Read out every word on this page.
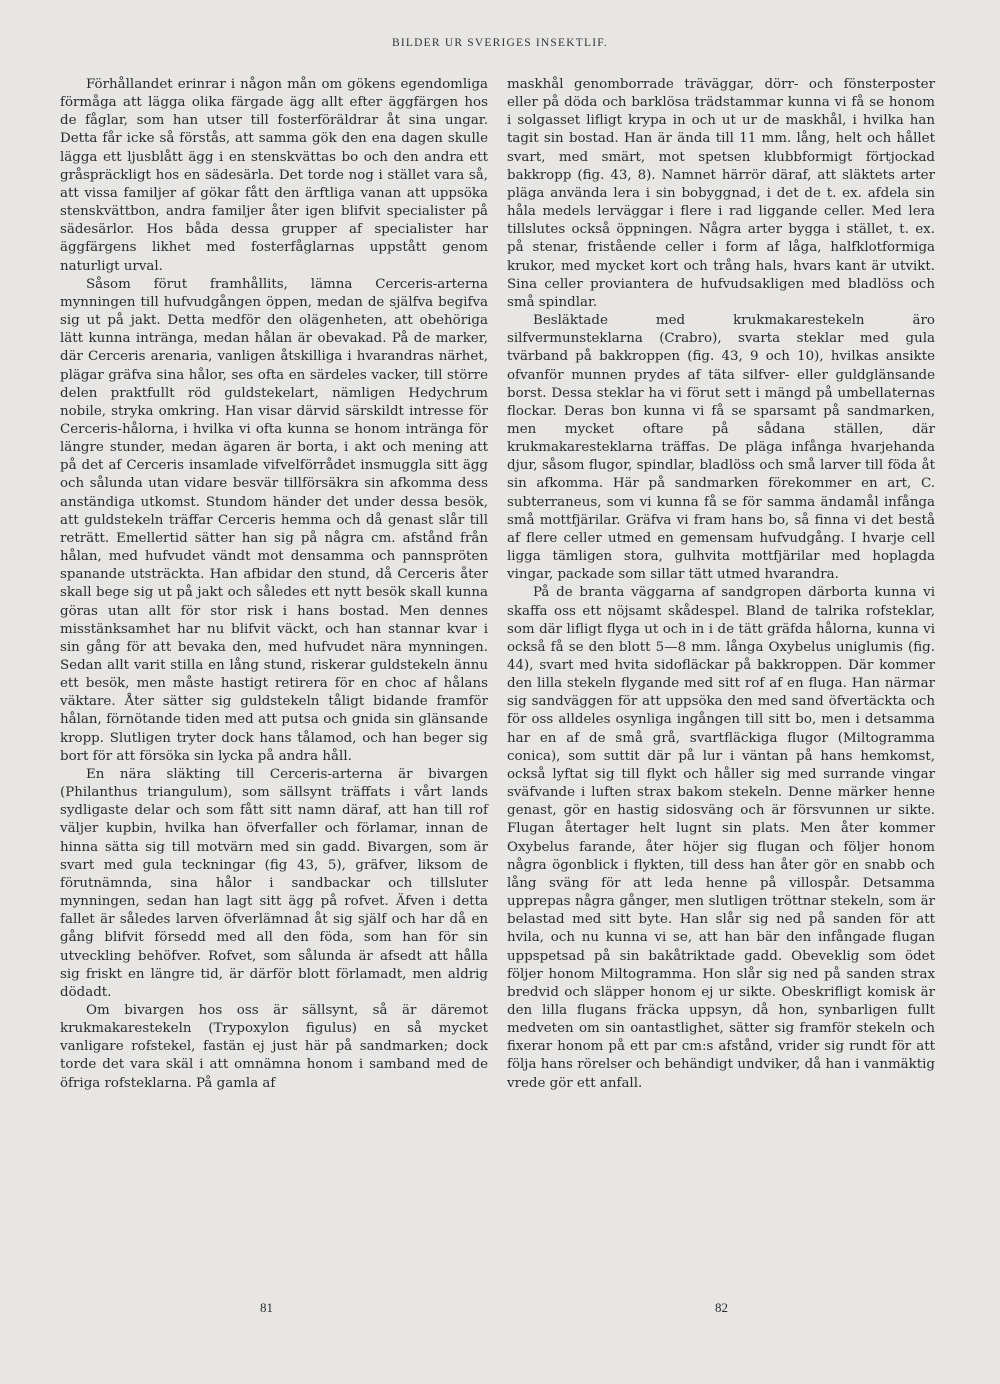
BILDER UR SVERIGES INSEKTLIF.

Förhållandet erinrar i någon mån om gökens egendomliga förmåga att lägga olika färgade ägg allt efter äggfärgen hos de fåglar, som han utser till fosterföräldrar åt sina ungar. Detta får icke så förstås, att samma gök den ena dagen skulle lägga ett ljusblått ägg i en stenskvättas bo och den andra ett gråspräckligt hos en sädesärla. Det torde nog i stället vara så, att vissa familjer af gökar fått den ärftliga vanan att uppsöka stenskvättbon, andra familjer åter igen blifvit specialister på sädesärlor. Hos båda dessa grupper af specialister har äggfärgens likhet med fosterfåglarnas uppstått genom naturligt urval.

Såsom förut framhållits, lämna Cerceris-arterna mynningen till hufvudgången öppen, medan de själfva begifva sig ut på jakt. Detta medför den olägenheten, att obehöriga lätt kunna inträngа, medan hålan är obevakad. På de marker, där Cerceris arenaria, vanligen åtskilliga i hvarandras närhet, plägar gräfva sina hålor, ses ofta en särdeles vacker, till större delen praktfullt röd guldstekelart, nämligen Hedychrum nobile, stryka omkring. Han visar därvid särskildt intresse för Cerceris-hålorna, i hvilka vi ofta kunna se honom inträngа för längre stunder, medan ägaren är borta, i akt och mening att på det af Cerceris insamlade vifvelförrådet insmuggla sitt ägg och sålunda utan vidare besvär tillförsäkra sin afkomma dess anständiga utkomst. Stundom händer det under dessa besök, att guldstekeln träffar Cerceris hemma och då genast slår till reträtt. Emellertid sätter han sig på några cm. afstånd från hålan, med hufvudet vändt mot densamma och pannspröten spanande utsträckta. Han afbidar den stund, då Cerceris åter skall bege sig ut på jakt och således ett nytt besök skall kunna göras utan allt för stor risk i hans bostad. Men dennes misstänksamhet har nu blifvit väckt, och han stannar kvar i sin gång för att bevaka den, med hufvudet nära mynningen. Sedan allt varit stilla en lång stund, riskerar guldstekeln ännu ett besök, men måste hastigt retirera för en choc af hålans väktare. Åter sätter sig guldstekeln tåligt bidande framför hålan, förnötande tiden med att putsa och gnida sin glänsande kropp. Slutligen tryter dock hans tålamod, och han beger sig bort för att försöka sin lycka på andra håll.

En nära släkting till Cerceris-arterna är bivargen (Philanthus triangulum), som sällsynt träffats i vårt lands sydligaste delar och som fått sitt namn däraf, att han till rof väljer kupbin, hvilka han öfverfaller och förlamar, innan de hinna sätta sig till motvärn med sin gadd. Bivargen, som är svart med gula teckningar (fig 43, 5), gräfver, liksom de förutnämnda, sina hålor i sandbackar och tillsluter mynningen, sedan han lagt sitt ägg på rofvet. Äfven i detta fallet är således larven öfverlämnad åt sig själf och har då en gång blifvit försedd med all den föda, som han för sin utveckling behöfver. Rofvet, som sålunda är afsedt att hålla sig friskt en längre tid, är därför blott förlamadt, men aldrig dödadt.

Om bivargen hos oss är sällsynt, så är däremot krukmakarestekeln (Trypoxylon figulus) en så mycket vanligare rofstekel, fastän ej just här på sandmarken; dock torde det vara skäl i att omnämna honom i samband med de öfriga rofsteklarna. På gamla af

maskhål genomborrade träväggar, dörr- och fönsterposter eller på döda och barklösa trädstammar kunna vi få se honom i solgasset lifligt krypa in och ut ur de maskhål, i hvilka han tagit sin bostad. Han är ända till 11 mm. lång, helt och hållet svart, med smärt, mot spetsen klubbformigt förtjockad bakkropp (fig. 43, 8). Namnet härrör däraf, att släktets arter pläga använda lera i sin bobyggnad, i det de t. ex. afdela sin håla medels lerväggar i flere i rad liggande celler. Med lera tillslutes också öppningen. Några arter bygga i stället, t. ex. på stenar, fristående celler i form af låga, halfklotformiga krukor, med mycket kort och trång hals, hvars kant är utvikt. Sina celler proviantera de hufvudsakligen med bladlöss och små spindlar.

Besläktade med krukmakarestekeln äro silfvermunsteklarna (Crabro), svarta steklar med gula tvärband på bakkroppen (fig. 43, 9 och 10), hvilkas ansikte ofvanför munnen prydes af täta silfver- eller guldglänsande borst. Dessa steklar ha vi förut sett i mängd på umbellaternas flockar. Deras bon kunna vi få se sparsamt på sandmarken, men mycket oftare på sådana ställen, där krukmakaresteklarna träffas. De pläga infånga hvarjehanda djur, såsom flugor, spindlar, bladlöss och små larver till föda åt sin afkomma. Här på sandmarken förekommer en art, C. subterraneus, som vi kunna få se för samma ändamål infånga små mottfjärilar. Gräfva vi fram hans bo, så finna vi det bestå af flere celler utmed en gemensam hufvudgång. I hvarje cell ligga tämligen stora, gulhvita mottfjärilar med hoplagda vingar, packade som sillar tätt utmed hvarandra.

På de branta väggarna af sandgropen därborta kunna vi skaffa oss ett nöjsamt skådespel. Bland de talrika rofsteklar, som där lifligt flyga ut och in i de tätt gräfda hålorna, kunna vi också få se den blott 5—8 mm. långa Oxybelus uniglumis (fig. 44), svart med hvita sidofläckar på bakkroppen. Där kommer den lilla stekeln flygande med sitt rof af en fluga. Han närmar sig sandväggen för att uppsöka den med sand öfvertäckta och för oss alldeles osynliga ingången till sitt bo, men i detsamma har en af de små grå, svartfläckiga flugor (Miltogramma conica), som suttit där på lur i väntan på hans hemkomst, också lyftat sig till flykt och håller sig med surrande vingar sväfvande i luften strax bakom stekeln. Denne märker henne genast, gör en hastig sidosväng och är försvunnen ur sikte. Flugan återtager helt lugnt sin plats. Men åter kommer Oxybelus farande, åter höjer sig flugan och följer honom några ögonblick i flykten, till dess han åter gör en snabb och lång sväng för att leda henne på villospår. Detsamma upprepas några gånger, men slutligen tröttnar stekeln, som är belastad med sitt byte. Han slår sig ned på sanden för att hvila, och nu kunna vi se, att han bär den infångade flugan uppspetsad på sin bakåtriktade gadd. Obeveklig som ödet följer honom Miltogramma. Hon slår sig ned på sanden strax bredvid och släpper honom ej ur sikte. Obeskrifligt komisk är den lilla flugans fräcka uppsyn, då hon, synbarligen fullt medveten om sin oantastlighet, sätter sig framför stekeln och fixerar honom på ett par cm:s afstånd, vrider sig rundt för att följa hans rörelser och behändigt undviker, då han i vanmäktig vrede gör ett anfall.

81	82
